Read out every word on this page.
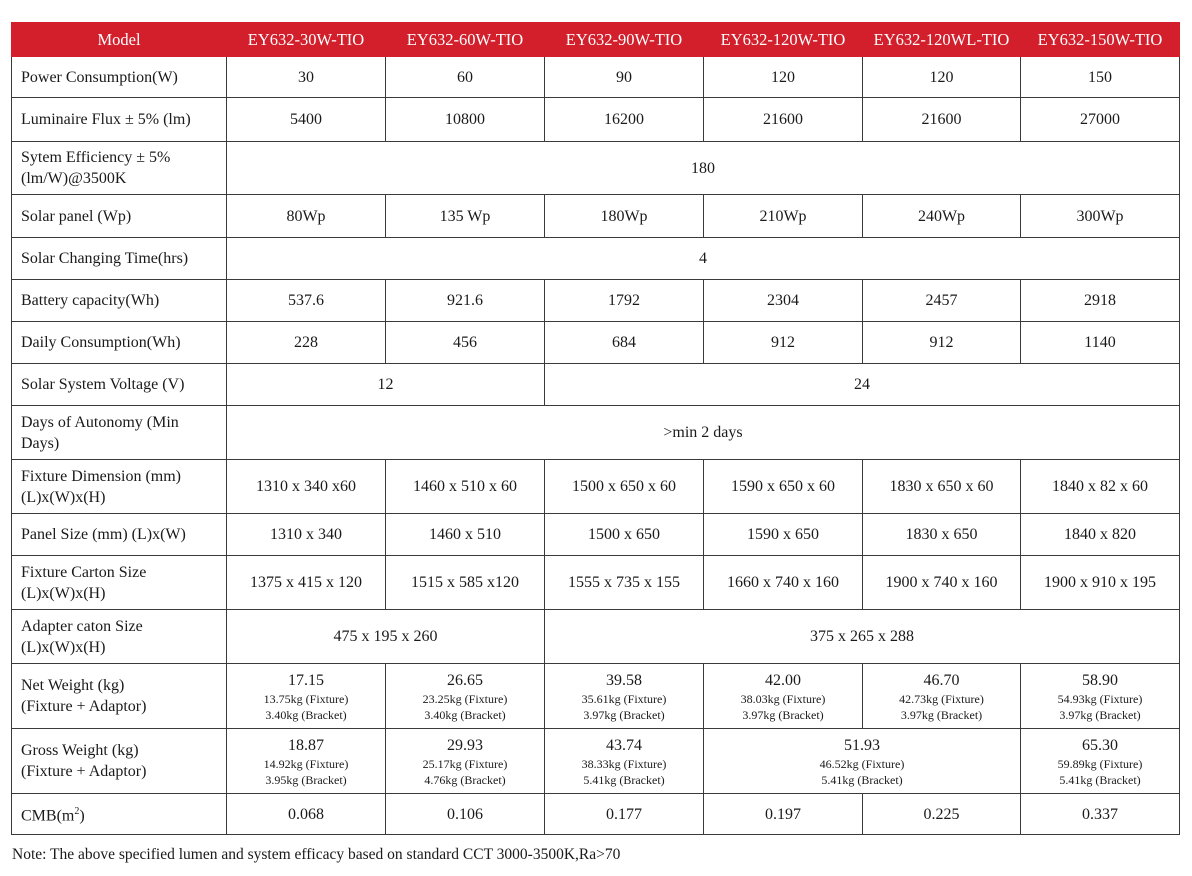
Model	EY632-30W-TIO	EY632-60W-TIO	EY632-90W-TIO	EY632-120W-TIO	EY632-120WL-TIO	EY632-150W-TIO
Power Consumption(W)	30	60	90	120	120	150
Luminaire Flux ± 5% (lm)	5400	10800	16200	21600	21600	27000

Sytem Efficiency ± 5%
(lm/W)@3500K	180					
Solar panel (Wp)	80Wp	135 Wp	180Wp	210Wp	240Wp	300Wp
Solar Changing Time(hrs)	4					
Battery capacity(Wh)	537.6	921.6	1792	2304	2457	2918
Daily Consumption(Wh)	228	456	684	912	912	1140
Solar System Voltage (V)	12		24			

Days of Autonomy (Min
Days)	>min 2 days					

Fixture Dimension (mm)
(L)x(W)x(H)	1310 x 340 x60	1460 x 510 x 60	1500 x 650 x 60	1590 x 650 x 60	1830 x 650 x 60	1840 x 82 x 60
Panel Size (mm) (L)x(W)	1310 x 340	1460 x 510	1500 x 650	1590 x 650	1830 x 650	1840 x 820

Fixture Carton Size
(L)x(W)x(H)	1375 x 415 x 120	1515 x 585 x120	1555 x 735 x 155	1660 x 740 x 160	1900 x 740 x 160	1900 x 910 x 195

Adapter caton Size
(L)x(W)x(H)	475 x 195 x 260		375 x 265 x 288			

Net Weight (kg)
(Fixture + Adaptor)	17.15
13.75kg (Fixture)
3.40kg (Bracket)	26.65
23.25kg (Fixture)
3.40kg (Bracket)	39.58
35.61kg (Fixture)
3.97kg (Bracket)	42.00
38.03kg (Fixture)
3.97kg (Bracket)	46.70
42.73kg (Fixture)
3.97kg (Bracket)	58.90
54.93kg (Fixture)
3.97kg (Bracket)

Gross Weight (kg)
(Fixture + Adaptor)	18.87
14.92kg (Fixture)
3.95kg (Bracket)	29.93
25.17kg (Fixture)
4.76kg (Bracket)	43.74
38.33kg (Fixture)
5.41kg (Bracket)	51.93
46.52kg (Fixture)
5.41kg (Bracket)		65.30
59.89kg (Fixture)
5.41kg (Bracket)

$CMB(m^2)$	0.068	0.106	0.177	0.197	0.225	0.337
Note: The above specified lumen and system efficacy based on standard CCT 3000-3500K,Ra>70
